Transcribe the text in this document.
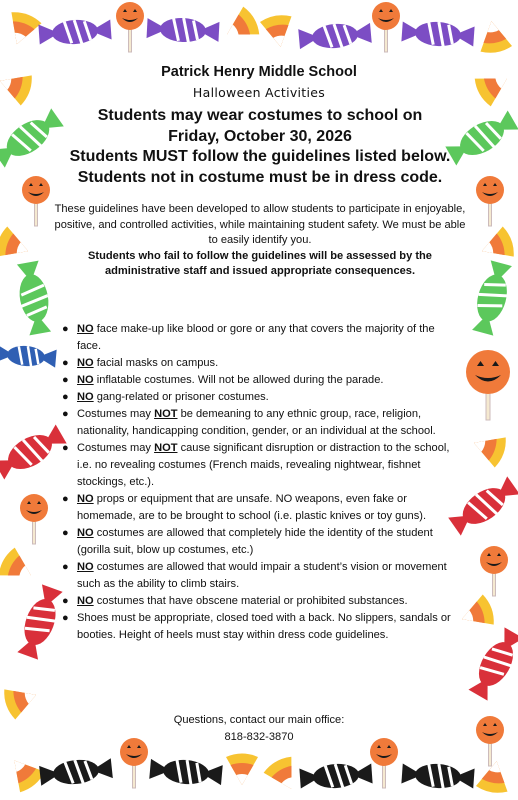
Patrick Henry Middle School

Halloween Activities

Students may wear costumes to school on

Friday, October 30, 2026

Students MUST follow the guidelines listed below.

Students not in costume must be in dress code.

These guidelines have been developed to allow students to participate in enjoyable, positive, and controlled activities, while maintaining student safety. We must be able to easily identify you.

Students who fail to follow the guidelines will be assessed by the administrative staff and issued appropriate consequences.

● NO face make-up like blood or gore or any that covers the majority of the face.
● NO facial masks on campus.
● NO inflatable costumes. Will not be allowed during the parade.
● NO gang-related or prisoner costumes.
● Costumes may NOT be demeaning to any ethnic group, race, religion, nationality, handicapping condition, gender, or an individual at the school.
● Costumes may NOT cause significant disruption or distraction to the school, i.e. no revealing costumes (French maids, revealing nightwear, fishnet stockings, etc.).
● NO props or equipment that are unsafe. NO weapons, even fake or homemade, are to be brought to school (i.e. plastic knives or toy guns).
● NO costumes are allowed that completely hide the identity of the student (gorilla suit, blow up costumes, etc.)
● NO costumes are allowed that would impair a student’s vision or movement such as the ability to climb stairs.
● NO costumes that have obscene material or prohibited substances.
● Shoes must be appropriate, closed toed with a back. No slippers, sandals or booties. Height of heels must stay within dress code guidelines.
Questions, contact our main office:
818-832-3870
